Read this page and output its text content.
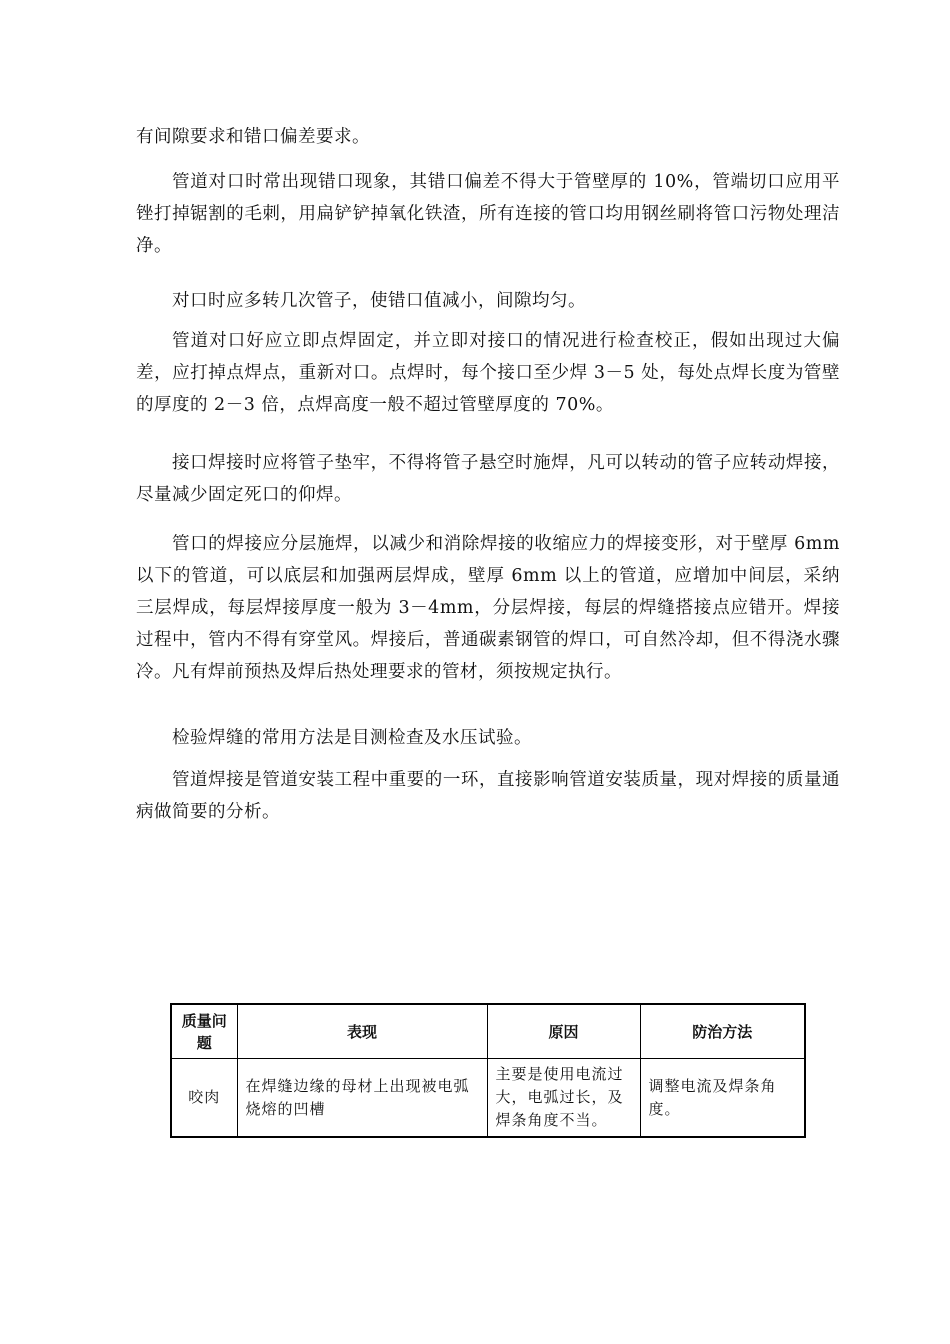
有间隙要求和错口偏差要求。

管道对口时常出现错口现象，其错口偏差不得大于管壁厚的 10%，管端切口应用平锉打掉锯割的毛刺，用扁铲铲掉氧化铁渣，所有连接的管口均用钢丝刷将管口污物处理洁净。

对口时应多转几次管子，使错口值减小，间隙均匀。

管道对口好应立即点焊固定，并立即对接口的情况进行检查校正，假如出现过大偏差，应打掉点焊点，重新对口。点焊时，每个接口至少焊 3－5 处，每处点焊长度为管壁的厚度的 2－3 倍，点焊高度一般不超过管壁厚度的 70%。

接口焊接时应将管子垫牢，不得将管子悬空时施焊，凡可以转动的管子应转动焊接，尽量减少固定死口的仰焊。

管口的焊接应分层施焊，以减少和消除焊接的收缩应力的焊接变形，对于壁厚 6mm 以下的管道，可以底层和加强两层焊成，壁厚 6mm 以上的管道，应增加中间层，采纳三层焊成，每层焊接厚度一般为 3－4mm，分层焊接，每层的焊缝搭接点应错开。焊接过程中，管内不得有穿堂风。焊接后，普通碳素钢管的焊口，可自然冷却，但不得浇水骤冷。凡有焊前预热及焊后热处理要求的管材，须按规定执行。

检验焊缝的常用方法是目测检查及水压试验。

管道焊接是管道安装工程中重要的一环，直接影响管道安装质量，现对焊接的质量通病做简要的分析。

质量问题	表现	原因	防治方法
咬肉	在焊缝边缘的母材上出现被电弧烧熔的凹槽	主要是使用电流过大，电弧过长，及焊条角度不当。	调整电流及焊条角度。
